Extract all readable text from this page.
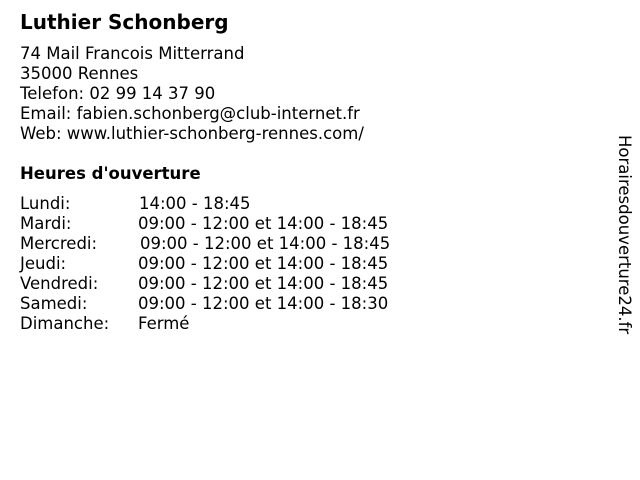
Luthier Schonberg
74 Mail Francois Mitterrand
35000 Rennes
Telefon: 02 99 14 37 90
Email: fabien.schonberg@club-internet.fr
Web: www.luthier-schonberg-rennes.com/
Heures d'ouverture
Lundi:	14:00 - 18:45
Mardi:	09:00 - 12:00 et 14:00 - 18:45
Mercredi:	09:00 - 12:00 et 14:00 - 18:45
Jeudi:	09:00 - 12:00 et 14:00 - 18:45
Vendredi: 09:00 - 12:00 et 14:00 - 18:45
Samedi:	09:00 - 12:00 et 14:00 - 18:30
Dimanche: Fermé	Horairesdouverture24.fr
